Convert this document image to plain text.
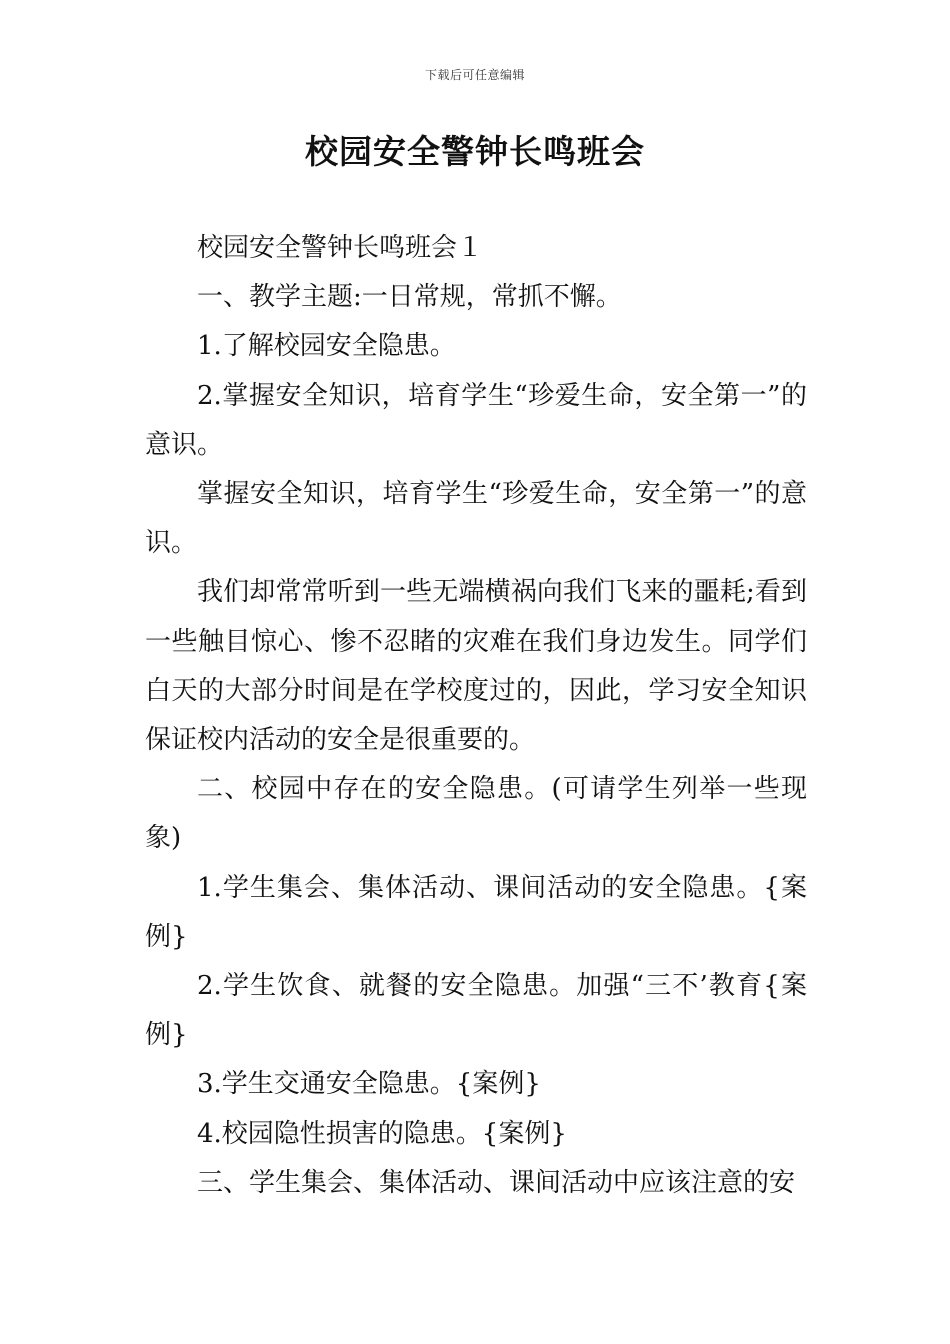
下载后可任意编辑
校园安全警钟长鸣班会

校园安全警钟长鸣班会１

一、教学主题:一日常规，常抓不懈。

1.了解校园安全隐患。

2.掌握安全知识，培育学生“珍爱生命，安全第一”的意识。

掌握安全知识，培育学生“珍爱生命，安全第一”的意识。

我们却常常听到一些无端横祸向我们飞来的噩耗;看到一些触目惊心、惨不忍睹的灾难在我们身边发生。同学们白天的大部分时间是在学校度过的，因此，学习安全知识保证校内活动的安全是很重要的。

二、校园中存在的安全隐患。(可请学生列举一些现象)

1.学生集会、集体活动、课间活动的安全隐患。{案例}

2.学生饮食、就餐的安全隐患。加强“三不’教育{案例}

3.学生交通安全隐患。{案例}

4.校园隐性损害的隐患。{案例}

三、学生集会、集体活动、课间活动中应该注意的安
